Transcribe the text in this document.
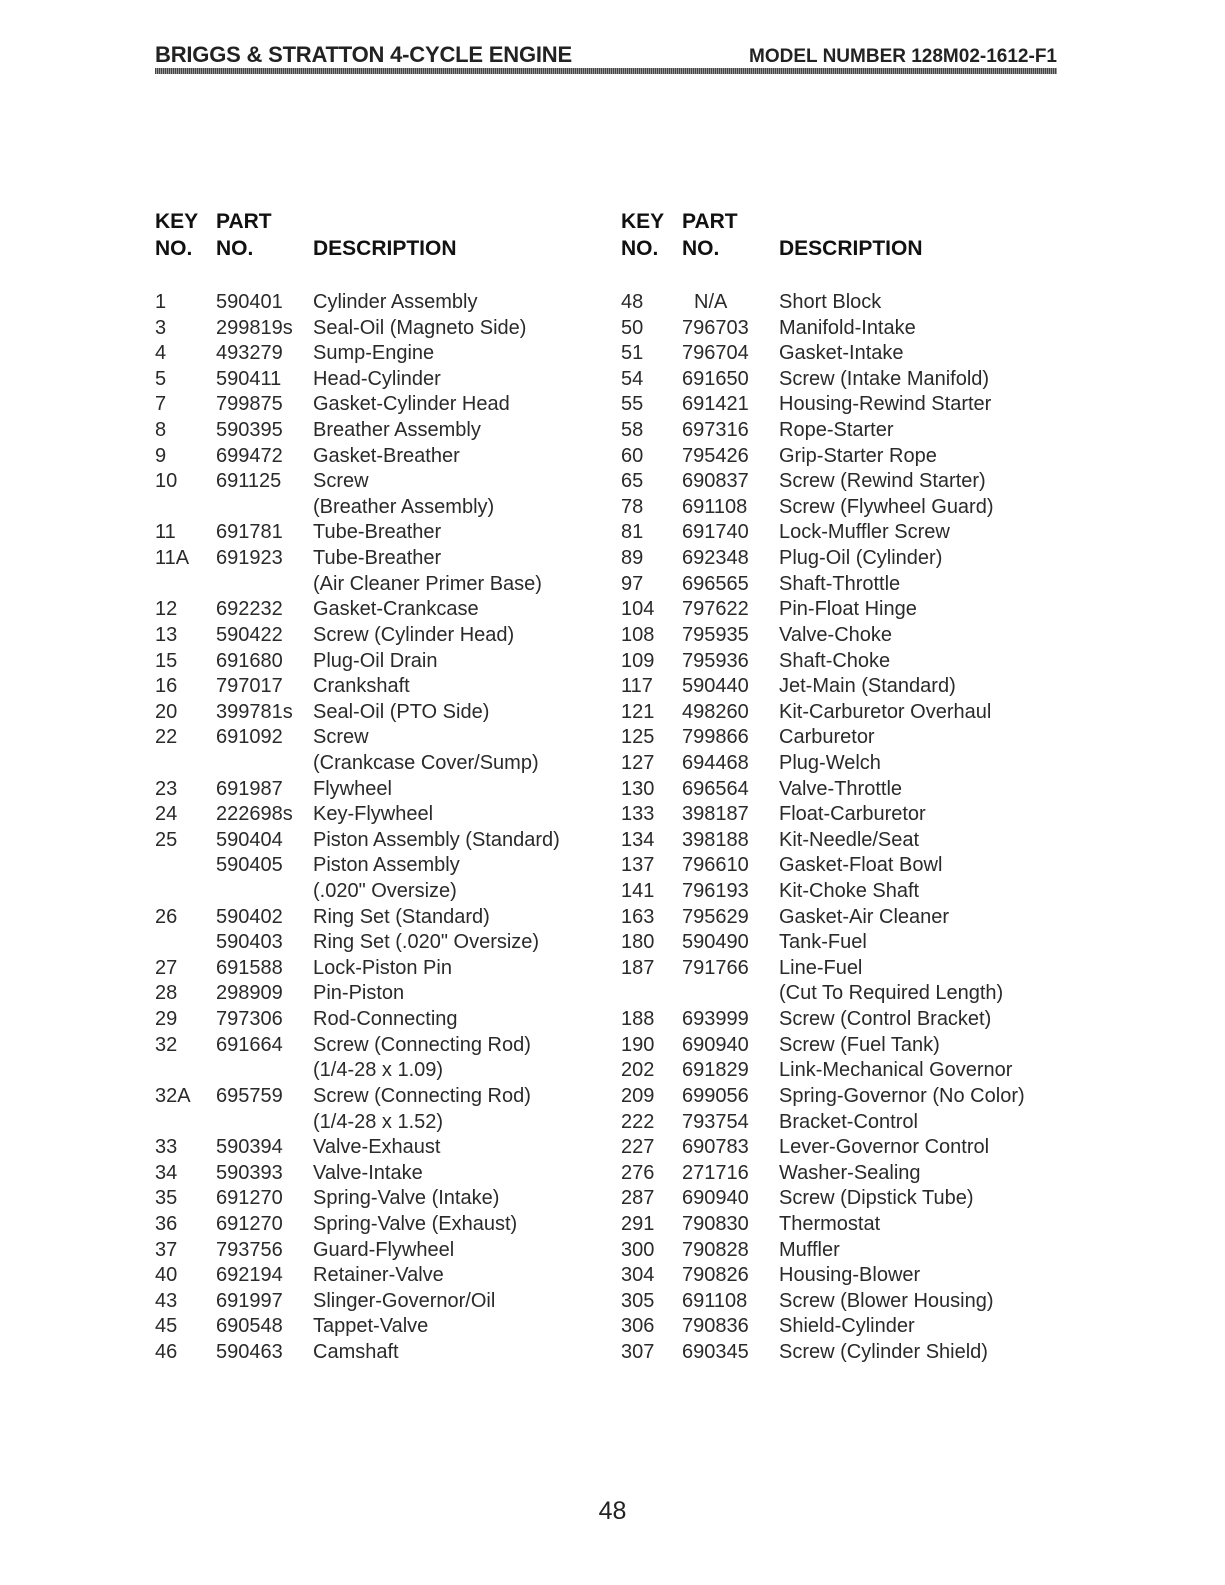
BRIGGS & STRATTON 4-CYCLE ENGINE	MODEL NUMBER 128M02-1612-F1
KEY
NO.
PART
NO.	DESCRIPTION
1 590401 Cylinder Assembly
3 299819s Seal-Oil (Magneto Side)
4 493279 Sump-Engine
5 590411 Head-Cylinder
7 799875 Gasket-Cylinder Head
8 590395 Breather Assembly
9 699472 Gasket-Breather
10 691125 Screw
(Breather Assembly)
11 691781 Tube-Breather
11A 691923 Tube-Breather
(Air Cleaner Primer Base)
12 692232 Gasket-Crankcase
13 590422 Screw (Cylinder Head)
15 691680 Plug-Oil Drain
16 797017 Crankshaft
20 399781s Seal-Oil (PTO Side)
22 691092 Screw
(Crankcase Cover/Sump)
23 691987 Flywheel
24 222698s Key-Flywheel
25 590404 Piston Assembly (Standard)
590405 Piston Assembly
(.020" Oversize)
26 590402 Ring Set (Standard)
590403 Ring Set (.020" Oversize)
27 691588 Lock-Piston Pin
28 298909 Pin-Piston
29 797306 Rod-Connecting
32 691664 Screw (Connecting Rod)
(1/4-28 x 1.09)
32A 695759 Screw (Connecting Rod)
(1/4-28 x 1.52)
33 590394 Valve-Exhaust
34 590393 Valve-Intake
35 691270 Spring-Valve (Intake)
36 691270 Spring-Valve (Exhaust)
37 793756 Guard-Flywheel
40 692194 Retainer-Valve
43 691997 Slinger-Governor/Oil
45 690548 Tappet-Valve
46 590463 Camshaft
KEY
NO.
PART
NO.	DESCRIPTION
48	N/A	Short Block
50 796703 Manifold-Intake
51 796704 Gasket-Intake
54 691650 Screw (Intake Manifold)
55 691421 Housing-Rewind Starter
58 697316 Rope-Starter
60 795426 Grip-Starter Rope
65 690837 Screw (Rewind Starter)
78 691108 Screw (Flywheel Guard)
81 691740 Lock-Muffler Screw
89 692348 Plug-Oil (Cylinder)
97 696565 Shaft-Throttle
104 797622 Pin-Float Hinge
108 795935 Valve-Choke
109 795936 Shaft-Choke
117 590440 Jet-Main (Standard)
121 498260 Kit-Carburetor Overhaul
125 799866 Carburetor
127 694468 Plug-Welch
130 696564 Valve-Throttle
133 398187 Float-Carburetor
134 398188 Kit-Needle/Seat
137 796610 Gasket-Float Bowl
141 796193 Kit-Choke Shaft
163 795629 Gasket-Air Cleaner
180 590490 Tank-Fuel
187 791766 Line-Fuel
(Cut To Required Length)
188 693999 Screw (Control Bracket)
190 690940 Screw (Fuel Tank)
202 691829 Link-Mechanical Governor
209 699056 Spring-Governor (No Color)
222 793754 Bracket-Control
227 690783 Lever-Governor Control
276 271716 Washer-Sealing
287 690940 Screw (Dipstick Tube)
291 790830 Thermostat
300 790828 Muffler
304 790826 Housing-Blower
305 691108 Screw (Blower Housing)
306 790836 Shield-Cylinder
307 690345 Screw (Cylinder Shield)
48
